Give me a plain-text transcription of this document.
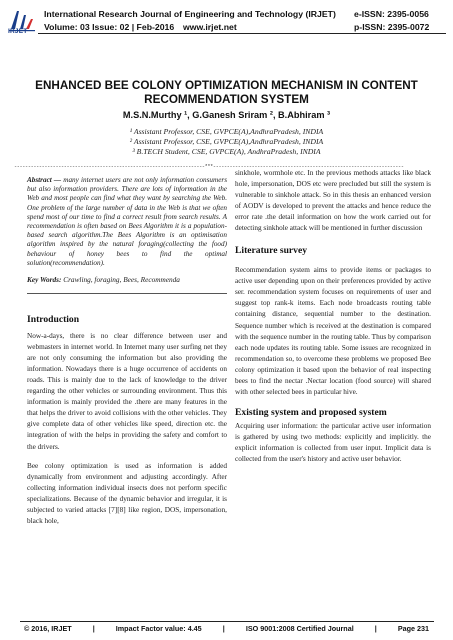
IRJET
International Research Journal of Engineering and Technology (IRJET)
Volume: 03 Issue: 02 | Feb-2016 www.irjet.net
e-ISSN: 2395-0056
p-ISSN: 2395-0072
ENHANCED BEE COLONY OPTIMIZATION MECHANISM IN CONTENT
RECOMMENDATION SYSTEM
M.S.N.Murthy ¹, G.Ganesh Sriram ², B.Abhiram ³
¹ Assistant Professor, CSE, GVPCE(A),AndhraPradesh, INDIA
² Assistant Professor, CSE, GVPCE(A),AndhraPradesh, INDIA
³ B.TECH Student, CSE, GVPCE(A), AndhraPradesh, INDIA
---------------------------------------------------------------------***---------------------------------------------------------------------
Abstract — many internet users are not only information consumers but also information providers. There are lots of information in the Web and most people can find what they want by searching the Web. One problem of the large number of data in the Web is that we often spend most of our time to find a correct result from search results. A recommendation is often based on Bees Algorithm it is a population-based search algorithm.The Bees Algorithm is an optimisation algorithm inspired by the natural foraging(collecting the food) behaviour of honey bees to find the optimal solution(recommendation).
Key Words: Crawling, foraging, Bees, Recommenda
Introduction

Now-a-days, there is no clear difference between user and webmasters in internet world. In Internet many user surfing net they are not only consuming the information but also providing the information. Nowadays there is a huge occurrence of accidents on roads. This is mainly due to the lack of knowledge to the driver regarding the other vehicles or surrounding environment. Thus this information is mainly provided the .there are many features in the that helps the driver to avoid collisions with the other vehicles. They give complete data of other vehicles like speed, direction etc. the integration of with the helps in providing the safety and comfort to the drivers.

Bee colony optimization is used as information is added dynamically from environment and adjusting accordingly. After collecting information individual insects does not perform specific specializations. Because of the dynamic behavior and irregular, it is subjected to varied attacks [7][8] like region, DOS, impersonation, black hole,

sinkhole, wormhole etc. In the previous methods attacks like black hole, impersonation, DOS etc were precluded but still the system is vulnerable to sinkhole attack. So in this thesis an enhanced version of AODV is developed to prevent the attacks and hence reduce the error rate .the detail information on how the work carried out for detecting sinkhole attack will be mentioned in further discussion

Literature survey

Recommendation system aims to provide items or packages to active user depending upon on their preferences provided by active ser. recommendation system focuses on requirements of user and suggest top rank-k items. Each node broadcasts routing table containing distance, sequential number to the destination. Sequence number which is received at the destination is compared with the sequence number in the routing table. Thus by comparison each node updates its routing table. Some issues are recognized in recommendation so, to overcome these problems we proposed Bee colony optimization it based upon the behavior of real inspecting bees to find the nectar .Nectar location (food source) will shared with other selected bees in particular hive.

Existing system and proposed system

Acquiring user information: the particular active user information is gathered by using two methods: explicitly and implicitly. the explicit information is collected from user input. Implicit data is collected from the user's history and active user behavior.

© 2016, IRJET	|	Impact Factor value: 4.45	|	ISO 9001:2008 Certified Journal	|	Page 231
